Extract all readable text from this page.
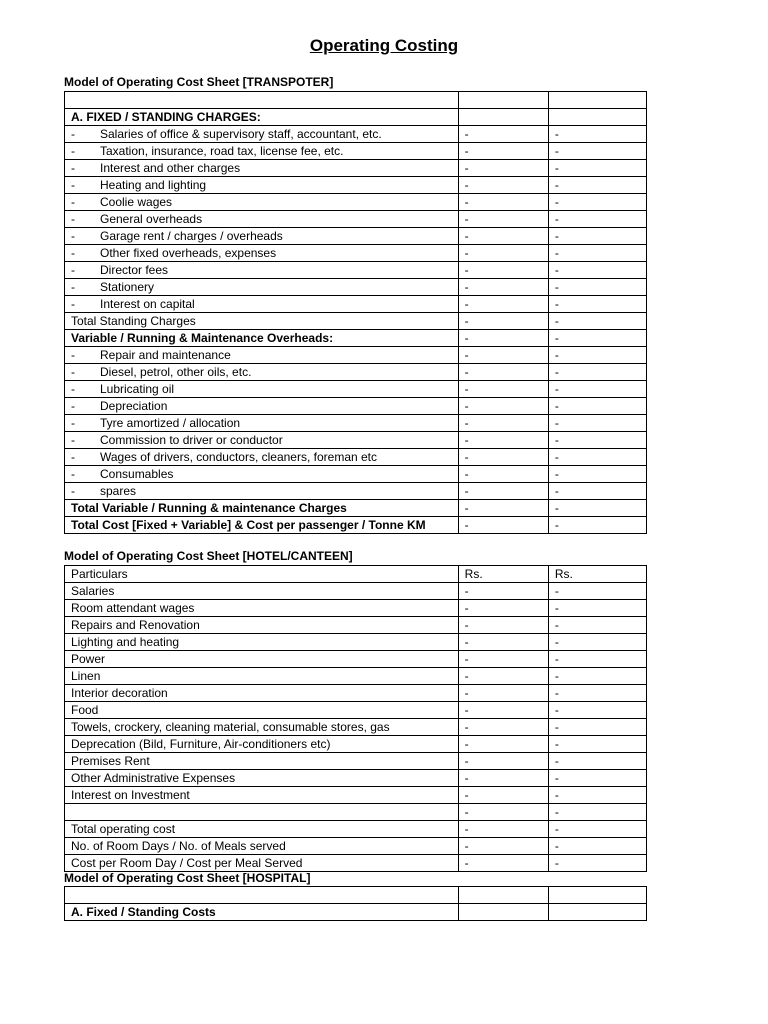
Operating Costing
Model of Operating Cost Sheet [TRANSPOTER]

A. FIXED / STANDING CHARGES:		
- Salaries of office & supervisory staff, accountant, etc.	-	-
- Taxation, insurance, road tax, license fee, etc.	-	-
- Interest and other charges	-	-
- Heating and lighting	-	-
- Coolie wages	-	-
- General overheads	-	-
- Garage rent / charges / overheads	-	-
- Other fixed overheads, expenses	-	-
- Director fees	-	-
- Stationery	-	-
- Interest on capital	-	-
Total Standing Charges	-	-
Variable / Running & Maintenance Overheads:	-	-
- Repair and maintenance	-	-
- Diesel, petrol, other oils, etc.	-	-
- Lubricating oil	-	-
- Depreciation	-	-
- Tyre amortized / allocation	-	-
- Commission to driver or conductor	-	-
- Wages of drivers, conductors, cleaners, foreman etc	-	-
- Consumables	-	-
- spares	-	-
Total Variable / Running & maintenance Charges	-	-
Total Cost [Fixed + Variable] & Cost per passenger / Tonne KM	-	-
Model of Operating Cost Sheet [HOTEL/CANTEEN]
Particulars	Rs.	Rs.
Salaries	-	-
Room attendant wages	-	-
Repairs and Renovation	-	-
Lighting and heating	-	-
Power	-	-
Linen	-	-
Interior decoration	-	-
Food	-	-
Towels, crockery, cleaning material, consumable stores, gas	-	-
Deprecation (Bild, Furniture, Air-conditioners etc)	-	-
Premises Rent	-	-
Other Administrative Expenses	-	-
Interest on Investment	-	-
	-	-
Total operating cost	-	-
No. of Room Days / No. of Meals served	-	-
Cost per Room Day / Cost per Meal Served	-	-
Model of Operating Cost Sheet [HOSPITAL]

A. Fixed / Standing Costs		
